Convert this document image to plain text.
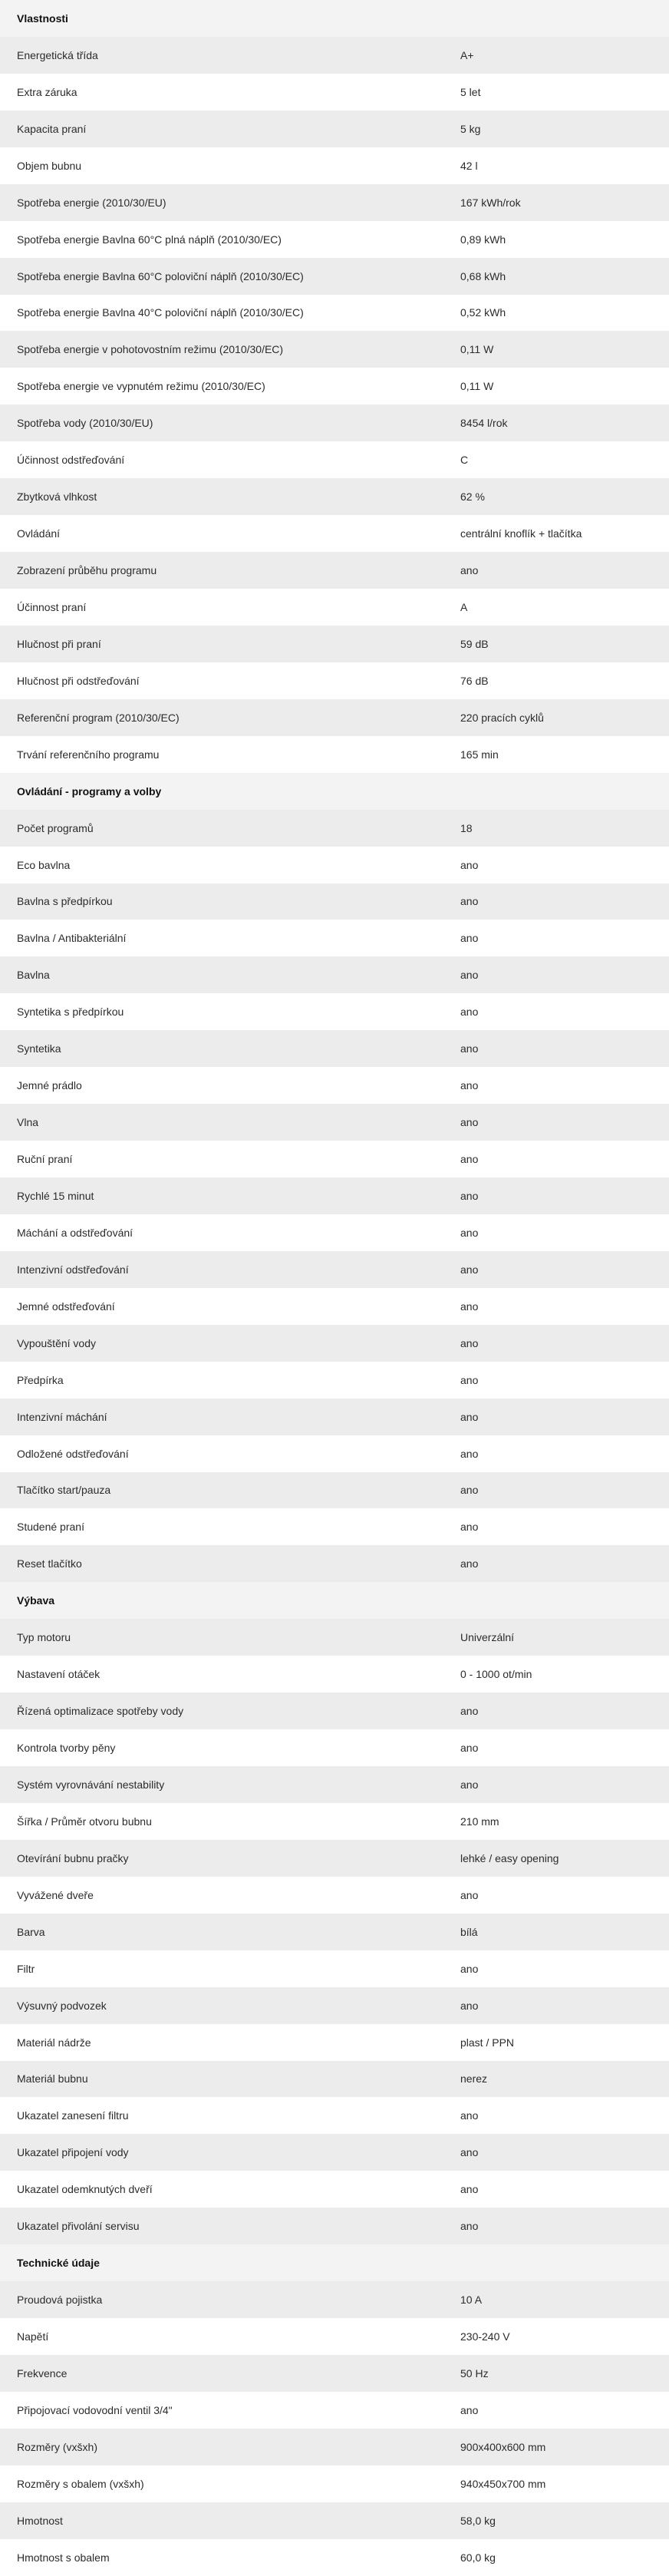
Vlastnosti
Energetická třída	A+
Extra záruka	5 let
Kapacita praní	5 kg
Objem bubnu	42 l
Spotřeba energie (2010/30/EU)	167 kWh/rok
Spotřeba energie Bavlna 60°C plná náplň (2010/30/EC)	0,89 kWh
Spotřeba energie Bavlna 60°C poloviční náplň (2010/30/EC)	0,68 kWh
Spotřeba energie Bavlna 40°C poloviční náplň (2010/30/EC)	0,52 kWh
Spotřeba energie v pohotovostním režimu (2010/30/EC)	0,11 W
Spotřeba energie ve vypnutém režimu (2010/30/EC)	0,11 W
Spotřeba vody (2010/30/EU)	8454 l/rok
Účinnost odstřeďování	C
Zbytková vlhkost	62 %
Ovládání	centrální knoflík + tlačítka
Zobrazení průběhu programu	ano
Účinnost praní	A
Hlučnost při praní	59 dB
Hlučnost při odstřeďování	76 dB
Referenční program (2010/30/EC)	220 pracích cyklů
Trvání referenčního programu	165 min
Ovládání - programy a volby
Počet programů	18
Eco bavlna	ano
Bavlna s předpírkou	ano
Bavlna / Antibakteriální	ano
Bavlna	ano
Syntetika s předpírkou	ano
Syntetika	ano
Jemné prádlo	ano
Vlna	ano
Ruční praní	ano
Rychlé 15 minut	ano
Máchání a odstřeďování	ano
Intenzivní odstřeďování	ano
Jemné odstřeďování	ano
Vypouštění vody	ano
Předpírka	ano
Intenzivní máchání	ano
Odložené odstřeďování	ano
Tlačítko start/pauza	ano
Studené praní	ano
Reset tlačítko	ano
Výbava
Typ motoru	Univerzální
Nastavení otáček	0 - 1000 ot/min
Řízená optimalizace spotřeby vody	ano
Kontrola tvorby pěny	ano
Systém vyrovnávání nestability	ano
Šířka / Průměr otvoru bubnu	210 mm
Otevírání bubnu pračky	lehké / easy opening
Vyvážené dveře	ano
Barva	bílá
Filtr	ano
Výsuvný podvozek	ano
Materiál nádrže	plast / PPN
Materiál bubnu	nerez
Ukazatel zanesení filtru	ano
Ukazatel připojení vody	ano
Ukazatel odemknutých dveří	ano
Ukazatel přivolání servisu	ano
Technické údaje
Proudová pojistka	10 A
Napětí	230-240 V
Frekvence	50 Hz
Připojovací vodovodní ventil 3/4"	ano
Rozměry (vxšxh)	900x400x600 mm
Rozměry s obalem (vxšxh)	940x450x700 mm
Hmotnost	58,0 kg
Hmotnost s obalem	60,0 kg
